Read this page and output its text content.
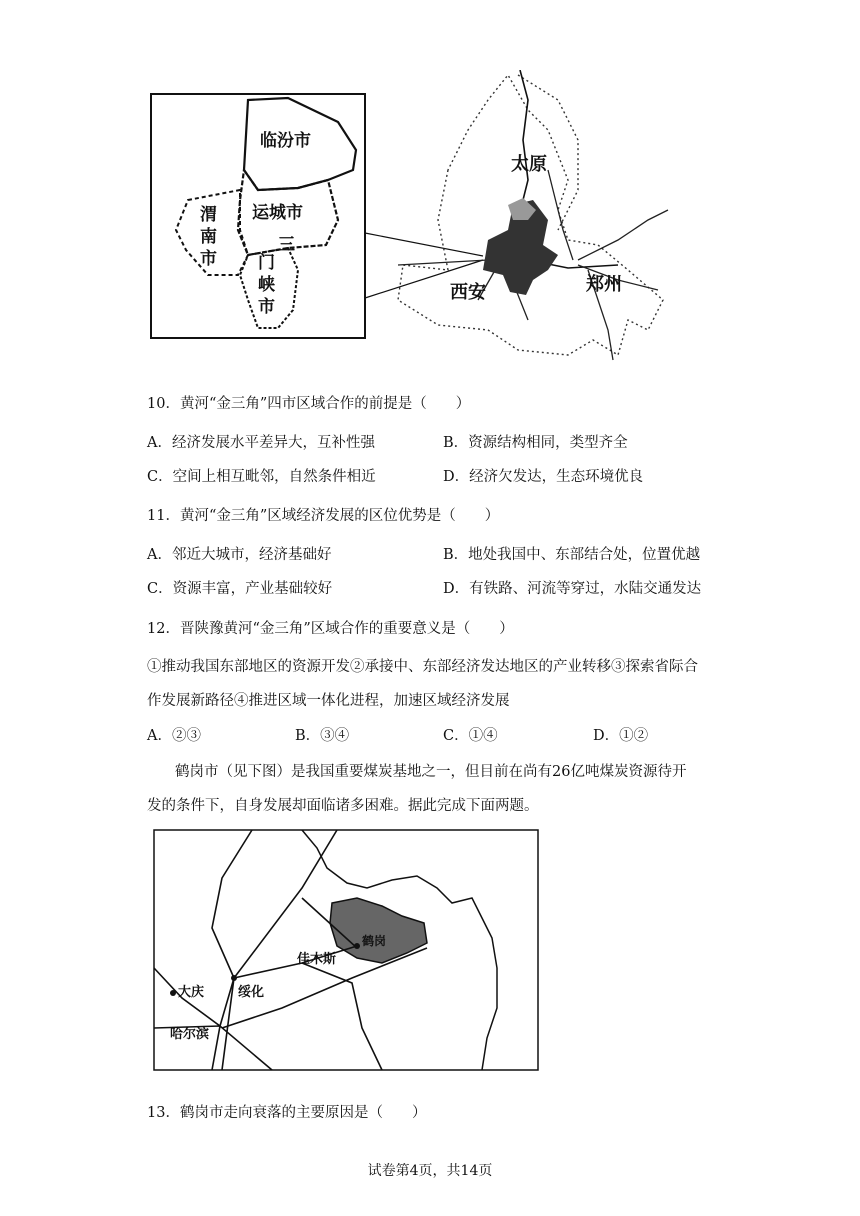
临汾市
运城市
渭
南
市
三
门
峡
市
太原
西安	郑州
10．黄河“金三角”四市区域合作的前提是（　　）
A．经济发展水平差异大，互补性强	B．资源结构相同，类型齐全
C．空间上相互毗邻，自然条件相近	D．经济欠发达，生态环境优良
11．黄河“金三角”区域经济发展的区位优势是（　　）
A．邻近大城市，经济基础好	B．地处我国中、东部结合处，位置优越
C．资源丰富，产业基础较好	D．有铁路、河流等穿过，水陆交通发达
12．晋陕豫黄河“金三角”区域合作的重要意义是（　　）
①推动我国东部地区的资源开发②承接中、东部经济发达地区的产业转移③探索省际合
作发展新路径④推进区域一体化进程，加速区域经济发展
A．②③	B．③④	C．①④	D．①②
鹤岗市（见下图）是我国重要煤炭基地之一，但目前在尚有26亿吨煤炭资源待开
发的条件下，自身发展却面临诸多困难。据此完成下面两题。
鹤岗
佳木斯
大庆	绥化
哈尔滨
13．鹤岗市走向衰落的主要原因是（　　）
试卷第4页，共14页
